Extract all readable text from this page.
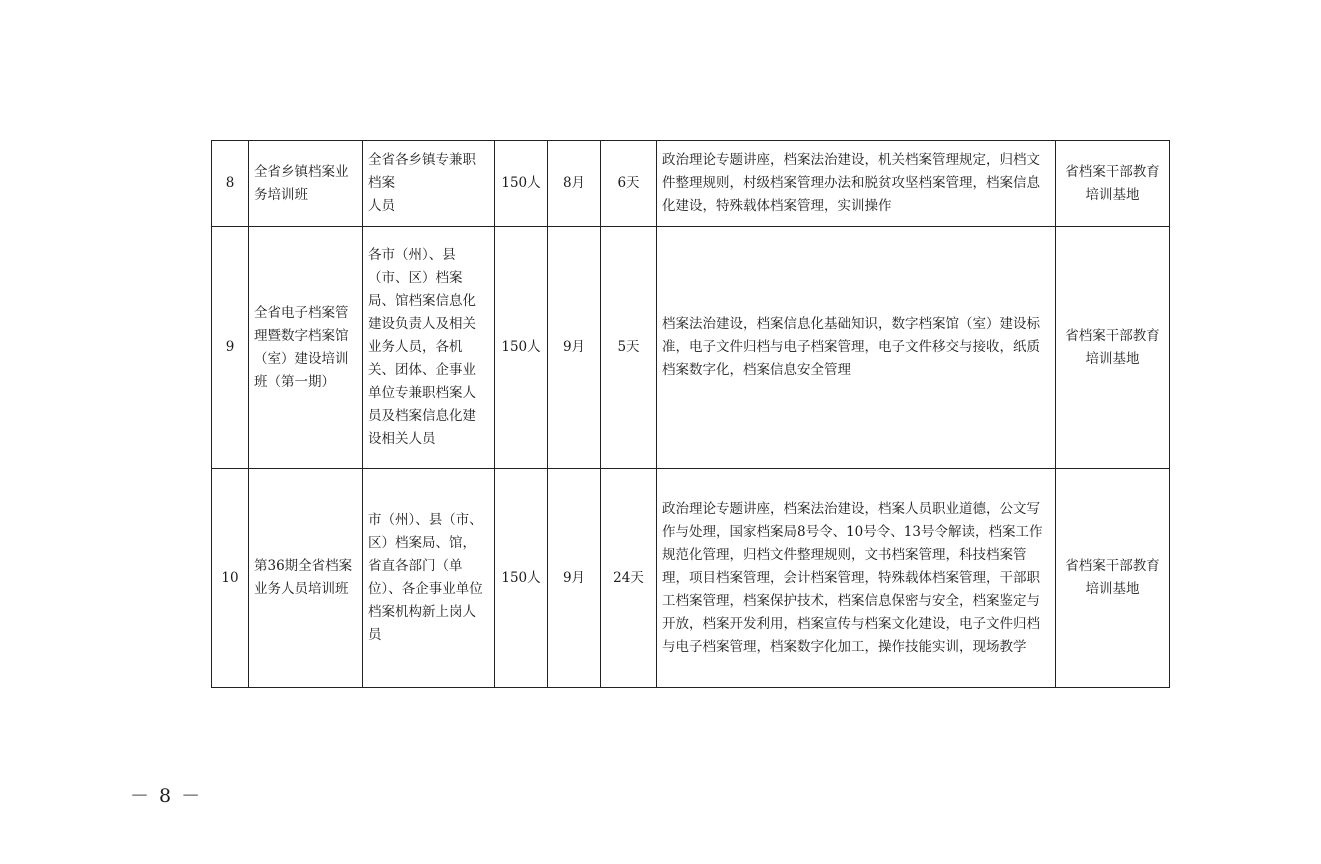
8	全省乡镇档案业务培训班	全省各乡镇专兼职档案
人员	150人	8月	6天	政治理论专题讲座，档案法治建设，机关档案管理规定，归档文件整理规则，村级档案管理办法和脱贫攻坚档案管理，档案信息化建设，特殊载体档案管理，实训操作	省档案干部教育培训基地
9	全省电子档案管理暨数字档案馆（室）建设培训班（第一期）	各市（州）、县（市、区）档案局、馆档案信息化建设负责人及相关业务人员，各机关、团体、企事业单位专兼职档案人员及档案信息化建设相关人员	150人	9月	5天	档案法治建设，档案信息化基础知识，数字档案馆（室）建设标准，电子文件归档与电子档案管理，电子文件移交与接收，纸质档案数字化，档案信息安全管理	省档案干部教育培训基地
10	第36期全省档案业务人员培训班	市（州）、县（市、区）档案局、馆，省直各部门（单位）、各企事业单位档案机构新上岗人员	150人	9月	24天	政治理论专题讲座，档案法治建设，档案人员职业道德，公文写作与处理，国家档案局8号令、10号令、13号令解读，档案工作规范化管理，归档文件整理规则，文书档案管理，科技档案管理，项目档案管理，会计档案管理，特殊载体档案管理，干部职工档案管理，档案保护技术，档案信息保密与安全，档案鉴定与开放，档案开发利用，档案宣传与档案文化建设，电子文件归档与电子档案管理，档案数字化加工，操作技能实训，现场教学	省档案干部教育培训基地
－ 8 －
